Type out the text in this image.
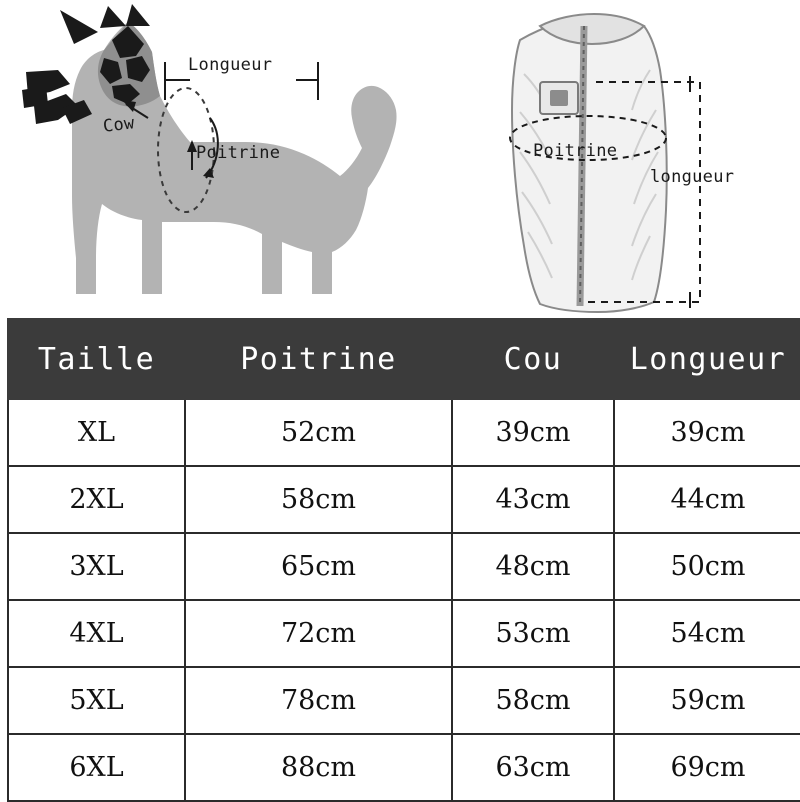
Longueur
Cow
Poitrine	Poitrine
longueur
Taille	Poitrine	Cou	Longueur
XL	52cm	39cm	39cm
2XL	58cm	43cm	44cm
3XL	65cm	48cm	50cm
4XL	72cm	53cm	54cm
5XL	78cm	58cm	59cm
6XL	88cm	63cm	69cm
